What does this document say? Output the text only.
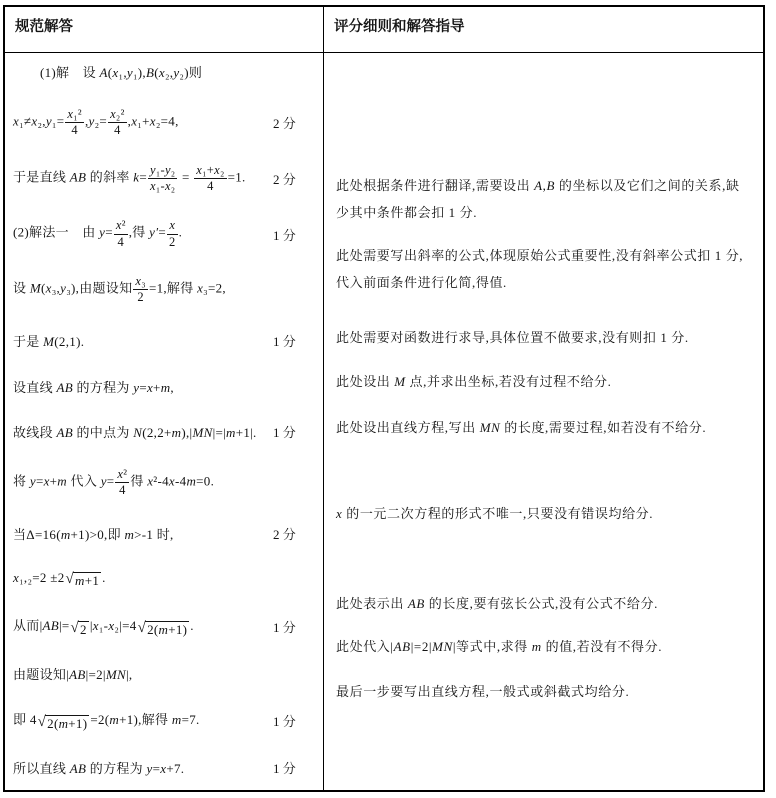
规范解答	评分细则和解答指导
(1)解　设 A(x₁,y₁),B(x₂,y₂)则
$x_1\ne x_2,y_1= \frac{\text{x₁²}}{4} ,y_2= \frac{\text{x₂²}}{4} ,x_1+x_2=4$,	2 分
于是直线 AB 的斜率 $k= \frac{\text{y₁-y₂}}{\text{x₁-x₂}} = \frac{\text{x₁+x₂}}{4} =1$. 2 分
(2)解法一　由 $y= \frac{\text{x²}}{4}$ ,得 $y'= \frac{x}{2}$ .	1 分
设 M(x₃,y₃),由题设知 $\frac{\text{x₃}}{2} =1$,解得 x₃=2,
于是 M(2,1).	1 分
设直线 AB 的方程为 y=x+m,
故线段 AB 的中点为 N(2,2+m),|MN|=|m+1|. 1 分
将 y=x+m 代入 $y= \frac{\text{x²}}{4}$ 得 x²-4x-4m=0.
当Δ=16(m+1)>0,即 m>-1 时,	2 分
x₁,₂=2 ±2 √ m+1 .
从而|AB|= √ 2 |x₁-x₂|=4 √ 2(m+1) .	1 分
由题设知|AB|=2|MN|,
即 4 √ 2(m+1) =2(m+1),解得 m=7.	1 分
所以直线 AB 的方程为 y=x+7.	1 分

此处根据条件进行翻译,需要设出 A,B 的坐标以及它们之间的关系,缺少其中条件都会扣 1 分.

此处需要写出斜率的公式,体现原始公式重要性,没有斜率公式扣 1 分,代入前面条件进行化简,得值.

此处需要对函数进行求导,具体位置不做要求,没有则扣 1 分.

此处设出 M 点,并求出坐标,若没有过程不给分.

此处设出直线方程,写出 MN 的长度,需要过程,如若没有不给分.

x 的一元二次方程的形式不唯一,只要没有错误均给分.

此处表示出 AB 的长度,要有弦长公式,没有公式不给分.

此处代入|AB|=2|MN|等式中,求得 m 的值,若没有不得分.

最后一步要写出直线方程,一般式或斜截式均给分.
